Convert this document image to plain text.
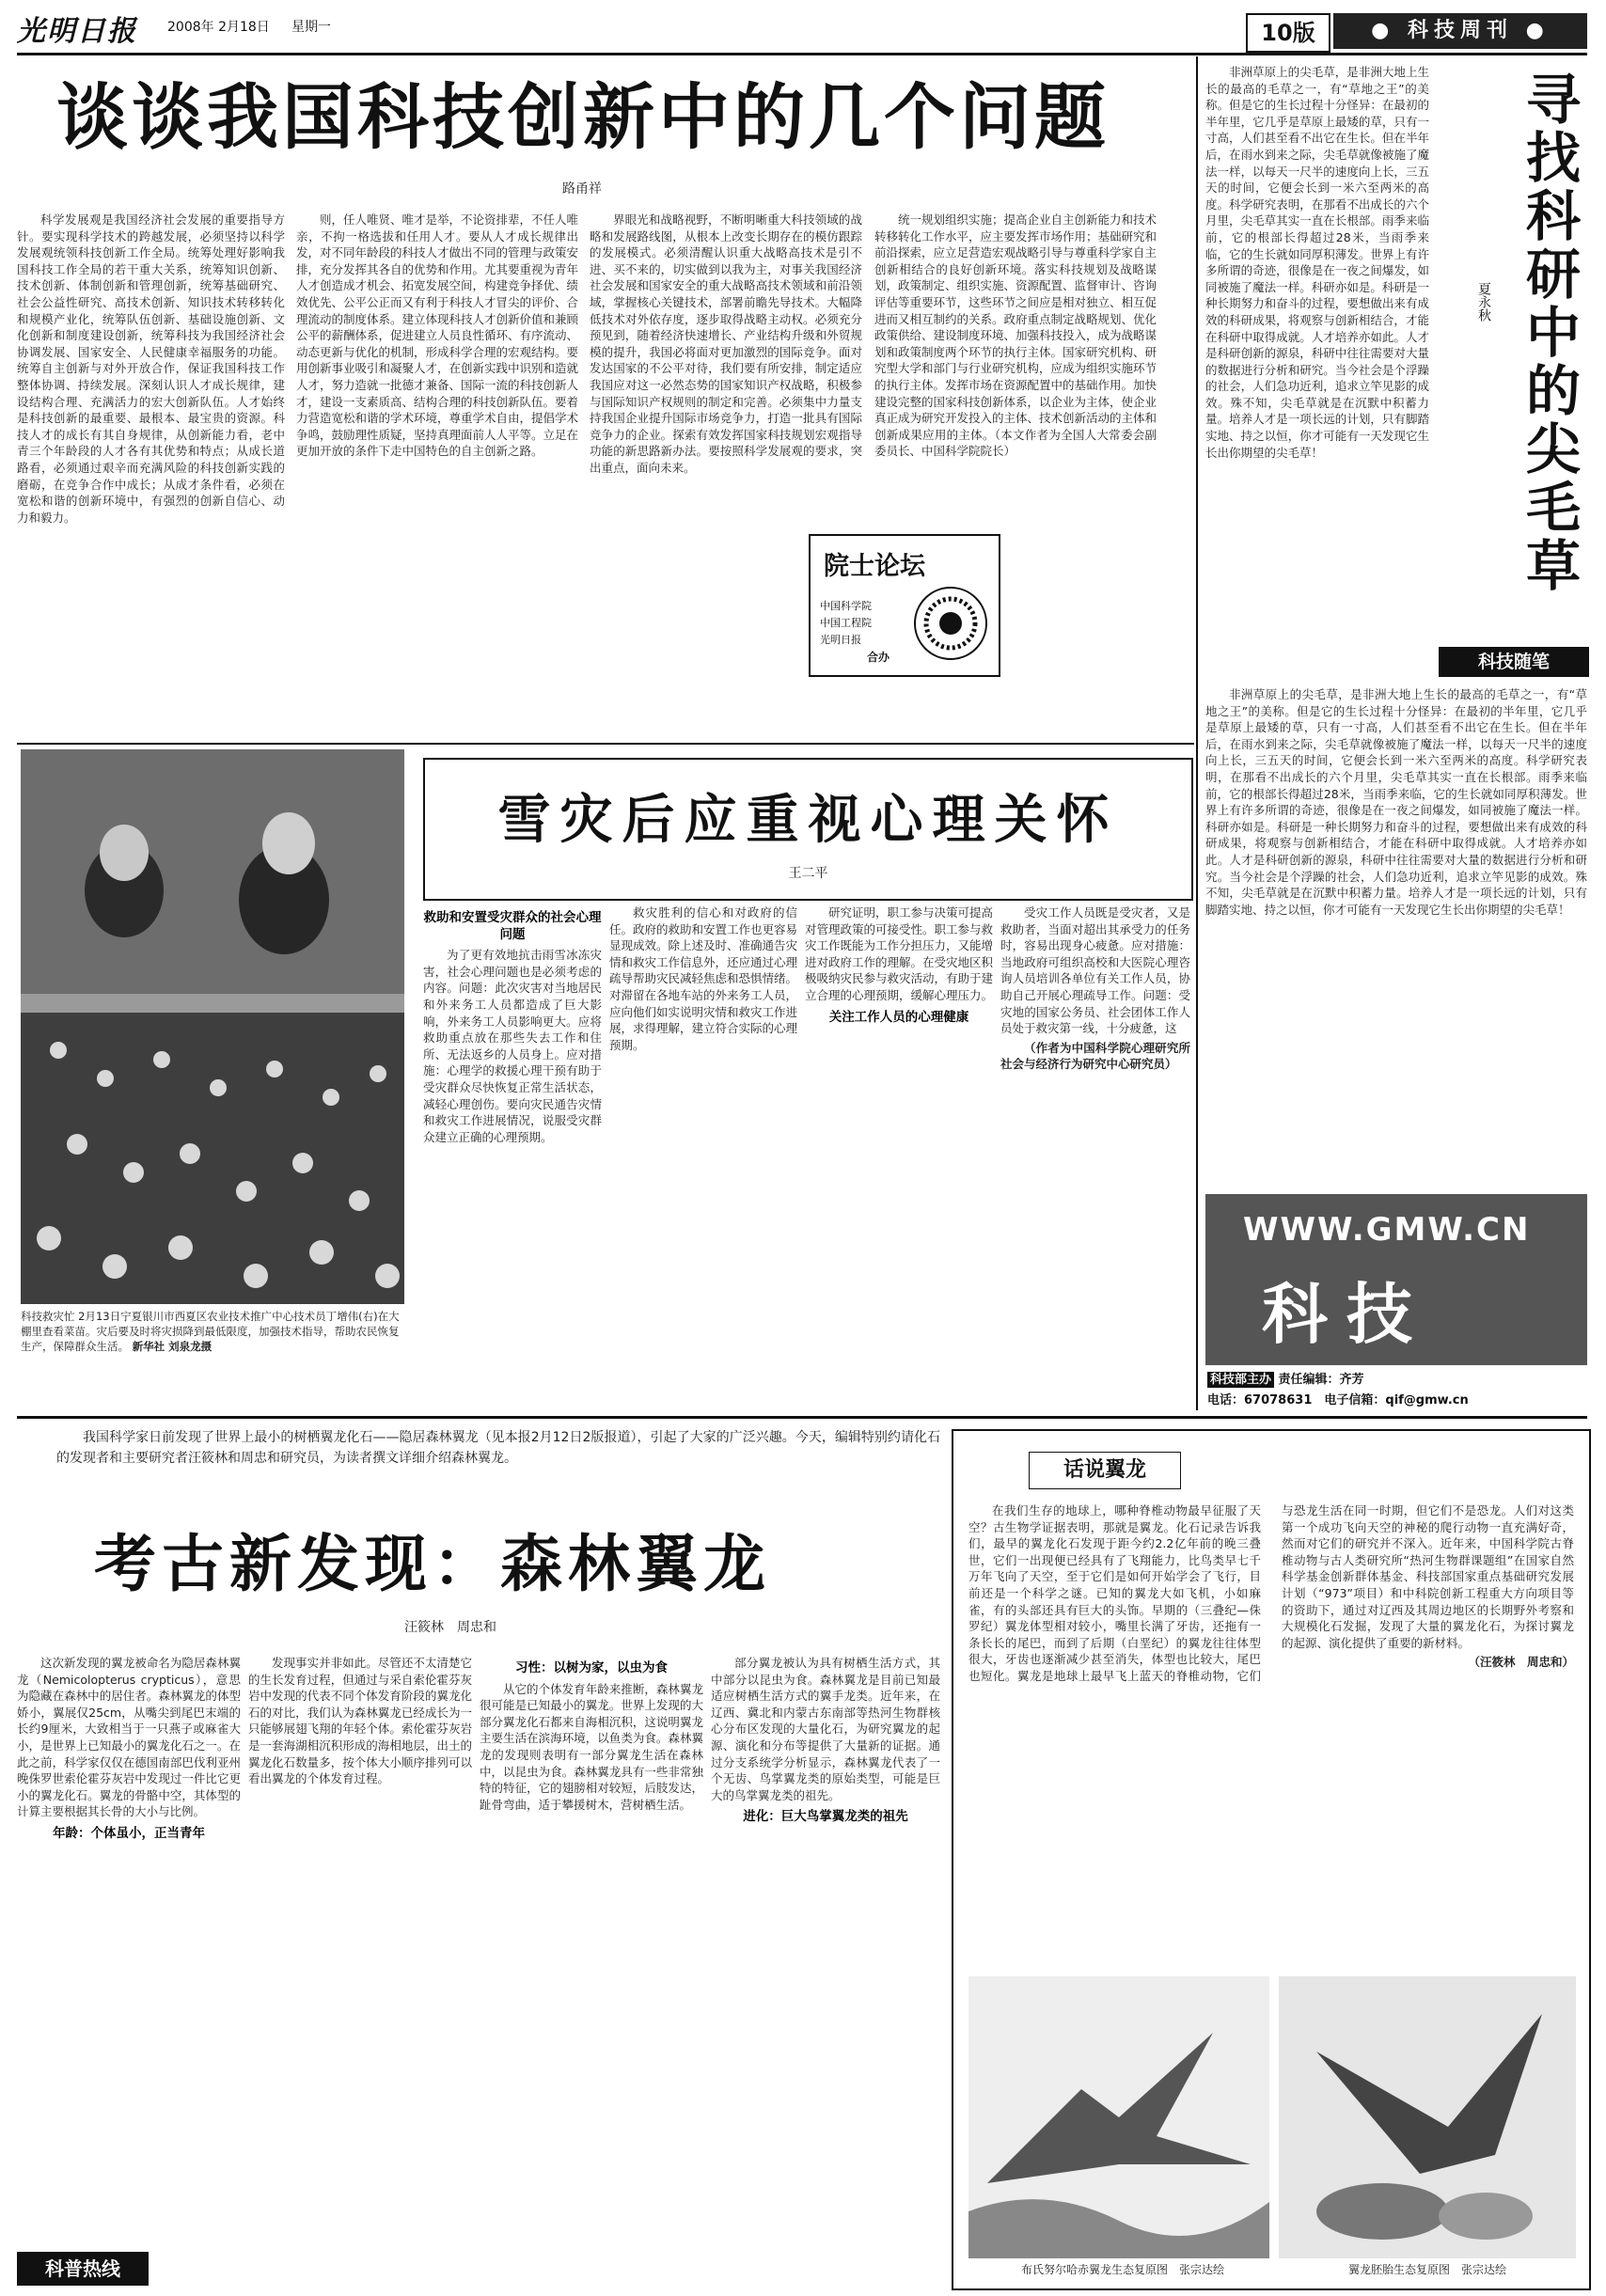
光明日报 2008年 2月18日 星期一	10版	● 科技周刊 ●
谈谈我国科技创新中的几个问题
路甬祥

科学发展观是我国经济社会发展的重要指导方针。要实现科学技术的跨越发展，必须坚持以科学发展观统领科技创新工作全局。统筹处理好影响我国科技工作全局的若干重大关系，统筹知识创新、技术创新、体制创新和管理创新，统筹基础研究、社会公益性研究、高技术创新、知识技术转移转化和规模产业化，统筹队伍创新、基础设施创新、文化创新和制度建设创新，统筹科技为我国经济社会协调发展、国家安全、人民健康幸福服务的功能。统筹自主创新与对外开放合作，保证我国科技工作整体协调、持续发展。深刻认识人才成长规律，建设结构合理、充满活力的宏大创新队伍。人才始终是科技创新的最重要、最根本、最宝贵的资源。科技人才的成长有其自身规律，从创新能力看，老中青三个年龄段的人才各有其优势和特点；从成长道路看，必须通过艰辛而充满风险的科技创新实践的磨砺，在竞争合作中成长；从成才条件看，必须在宽松和谐的创新环境中，有强烈的创新自信心、动力和毅力。

则，任人唯贤、唯才是举，不论资排辈，不任人唯亲，不拘一格选拔和任用人才。要从人才成长规律出发，对不同年龄段的科技人才做出不同的管理与政策安排，充分发挥其各自的优势和作用。尤其要重视为青年人才创造成才机会、拓宽发展空间，构建竞争择优、绩效优先、公平公正而又有利于科技人才冒尖的评价、合理流动的制度体系。建立体现科技人才创新价值和兼顾公平的薪酬体系，促进建立人员良性循环、有序流动、动态更新与优化的机制，形成科学合理的宏观结构。要用创新事业吸引和凝聚人才，在创新实践中识别和造就人才，努力造就一批德才兼备、国际一流的科技创新人才，建设一支素质高、结构合理的科技创新队伍。要着力营造宽松和谐的学术环境，尊重学术自由，提倡学术争鸣，鼓励理性质疑，坚持真理面前人人平等。立足在更加开放的条件下走中国特色的自主创新之路。

界眼光和战略视野，不断明晰重大科技领域的战略和发展路线图，从根本上改变长期存在的模仿跟踪的发展模式。必须清醒认识重大战略高技术是引不进、买不来的，切实做到以我为主，对事关我国经济社会发展和国家安全的重大战略高技术领域和前沿领域，掌握核心关键技术，部署前瞻先导技术。大幅降低技术对外依存度，逐步取得战略主动权。必须充分预见到，随着经济快速增长、产业结构升级和外贸规模的提升，我国必将面对更加激烈的国际竞争。面对发达国家的不公平对待，我们要有所安排，制定适应我国应对这一必然态势的国家知识产权战略，积极参与国际知识产权规则的制定和完善。必须集中力量支持我国企业提升国际市场竞争力，打造一批具有国际竞争力的企业。探索有效发挥国家科技规划宏观指导功能的新思路新办法。要按照科学发展观的要求，突出重点，面向未来。

统一规划组织实施；提高企业自主创新能力和技术转移转化工作水平，应主要发挥市场作用；基础研究和前沿探索，应立足营造宏观战略引导与尊重科学家自主创新相结合的良好创新环境。落实科技规划及战略谋划，政策制定、组织实施、资源配置、监督审计、咨询评估等重要环节，这些环节之间应是相对独立、相互促进而又相互制约的关系。政府重点制定战略规划、优化政策供给、建设制度环境、加强科技投入，成为战略谋划和政策制度两个环节的执行主体。国家研究机构、研究型大学和部门与行业研究机构，应成为组织实施环节的执行主体。发挥市场在资源配置中的基础作用。加快建设完整的国家科技创新体系，以企业为主体，使企业真正成为研究开发投入的主体、技术创新活动的主体和创新成果应用的主体。（本文作者为全国人大常委会副委员长、中国科学院院长）

院士论坛
中国科学院
中国工程院
光明日报
合办
寻找科研中的尖毛草
夏永秋
科技随笔

非洲草原上的尖毛草，是非洲大地上生长的最高的毛草之一，有“草地之王”的美称。但是它的生长过程十分怪异：在最初的半年里，它几乎是草原上最矮的草，只有一寸高，人们甚至看不出它在生长。但在半年后，在雨水到来之际，尖毛草就像被施了魔法一样，以每天一尺半的速度向上长，三五天的时间，它便会长到一米六至两米的高度。科学研究表明，在那看不出成长的六个月里，尖毛草其实一直在长根部。雨季来临前，它的根部长得超过28米，当雨季来临，它的生长就如同厚积薄发。世界上有许多所谓的奇迹，很像是在一夜之间爆发，如同被施了魔法一样。科研亦如是。科研是一种长期努力和奋斗的过程，要想做出来有成效的科研成果，将观察与创新相结合，才能在科研中取得成就。人才培养亦如此。人才是科研创新的源泉，科研中往往需要对大量的数据进行分析和研究。当今社会是个浮躁的社会，人们急功近利，追求立竿见影的成效。殊不知，尖毛草就是在沉默中积蓄力量。培养人才是一项长远的计划，只有脚踏实地、持之以恒，你才可能有一天发现它生长出你期望的尖毛草！

非洲草原上的尖毛草，是非洲大地上生长的最高的毛草之一，有“草地之王”的美称。但是它的生长过程十分怪异：在最初的半年里，它几乎是草原上最矮的草，只有一寸高，人们甚至看不出它在生长。但在半年后，在雨水到来之际，尖毛草就像被施了魔法一样，以每天一尺半的速度向上长，三五天的时间，它便会长到一米六至两米的高度。科学研究表明，在那看不出成长的六个月里，尖毛草其实一直在长根部。雨季来临前，它的根部长得超过28米，当雨季来临，它的生长就如同厚积薄发。世界上有许多所谓的奇迹，很像是在一夜之间爆发，如同被施了魔法一样。科研亦如是。科研是一种长期努力和奋斗的过程，要想做出来有成效的科研成果，将观察与创新相结合，才能在科研中取得成就。人才培养亦如此。人才是科研创新的源泉，科研中往往需要对大量的数据进行分析和研究。当今社会是个浮躁的社会，人们急功近利，追求立竿见影的成效。殊不知，尖毛草就是在沉默中积蓄力量。培养人才是一项长远的计划，只有脚踏实地、持之以恒，你才可能有一天发现它生长出你期望的尖毛草！

WWW.GMW.CN
科技
科技部主办 责任编辑：齐芳
电话：67078631　 电子信箱：qif@gmw.cn
科技救灾忙 2月13日宁夏银川市西夏区农业技术推广中心技术员丁增伟(右)在大棚里查看菜苗。灾后要及时将灾损降到最低限度，加强技术指导，帮助农民恢复生产，保障群众生活。 新华社 刘泉龙摄
雪灾后应重视心理关怀
王二平
救助和安置受灾群众的社会心理问题

为了更有效地抗击雨雪冰冻灾害，社会心理问题也是必须考虑的内容。问题：此次灾害对当地居民和外来务工人员都造成了巨大影响，外来务工人员影响更大。应将救助重点放在那些失去工作和住所、无法返乡的人员身上。应对措施：心理学的救援心理干预有助于受灾群众尽快恢复正常生活状态，减轻心理创伤。要向灾民通告灾情和救灾工作进展情况，说服受灾群众建立正确的心理预期。

救灾胜利的信心和对政府的信任。政府的救助和安置工作也更容易显现成效。除上述及时、准确通告灾情和救灾工作信息外，还应通过心理疏导帮助灾民减轻焦虑和恐惧情绪。对滞留在各地车站的外来务工人员，应向他们如实说明灾情和救灾工作进展，求得理解，建立符合实际的心理预期。

研究证明，职工参与决策可提高对管理政策的可接受性。职工参与救灾工作既能为工作分担压力，又能增进对政府工作的理解。在受灾地区积极吸纳灾民参与救灾活动，有助于建立合理的心理预期，缓解心理压力。

关注工作人员的心理健康

受灾工作人员既是受灾者，又是救助者，当面对超出其承受力的任务时，容易出现身心疲惫。应对措施：当地政府可组织高校和大医院心理咨询人员培训各单位有关工作人员，协助自己开展心理疏导工作。问题：受灾地的国家公务员、社会团体工作人员处于救灾第一线，十分疲惫，这

（作者为中国科学院心理研究所社会与经济行为研究中心研究员）

我国科学家日前发现了世界上最小的树栖翼龙化石——隐居森林翼龙（见本报2月12日2版报道），引起了大家的广泛兴趣。今天，编辑特别约请化石的发现者和主要研究者汪筱林和周忠和研究员，为读者撰文详细介绍森林翼龙。

考古新发现：森林翼龙
汪筱林　周忠和

这次新发现的翼龙被命名为隐居森林翼龙（Nemicolopterus crypticus），意思为隐藏在森林中的居住者。森林翼龙的体型娇小，翼展仅25cm，从嘴尖到尾巴末端的长约9厘米，大致相当于一只燕子或麻雀大小，是世界上已知最小的翼龙化石之一。在此之前，科学家仅仅在德国南部巴伐利亚州晚侏罗世索伦霍芬灰岩中发现过一件比它更小的翼龙化石。翼龙的骨骼中空，其体型的计算主要根据其长骨的大小与比例。

年龄：个体虽小，正当青年

发现事实并非如此。尽管还不太清楚它的生长发育过程，但通过与采自索伦霍芬灰岩中发现的代表不同个体发育阶段的翼龙化石的对比，我们认为森林翼龙已经成长为一只能够展翅飞翔的年轻个体。索伦霍芬灰岩是一套海湖相沉积形成的海相地层，出土的翼龙化石数量多，按个体大小顺序排列可以看出翼龙的个体发育过程。

习性：以树为家，以虫为食

从它的个体发育年龄来推断，森林翼龙很可能是已知最小的翼龙。世界上发现的大部分翼龙化石都来自海相沉积，这说明翼龙主要生活在滨海环境，以鱼类为食。森林翼龙的发现则表明有一部分翼龙生活在森林中，以昆虫为食。森林翼龙具有一些非常独特的特征，它的翅膀相对较短，后肢发达，趾骨弯曲，适于攀援树木，营树栖生活。

部分翼龙被认为具有树栖生活方式，其中部分以昆虫为食。森林翼龙是目前已知最适应树栖生活方式的翼手龙类。近年来，在辽西、冀北和内蒙古东南部等热河生物群核心分布区发现的大量化石，为研究翼龙的起源、演化和分布等提供了大量新的证据。通过分支系统学分析显示，森林翼龙代表了一个无齿、鸟掌翼龙类的原始类型，可能是巨大的鸟掌翼龙类的祖先。

进化：巨大鸟掌翼龙类的祖先
科普热线
话说翼龙

在我们生存的地球上，哪种脊椎动物最早征服了天空？古生物学证据表明，那就是翼龙。化石记录告诉我们，最早的翼龙化石发现于距今约2.2亿年前的晚三叠世，它们一出现便已经具有了飞翔能力，比鸟类早七千万年飞向了天空，至于它们是如何开始学会了飞行，目前还是一个科学之谜。已知的翼龙大如飞机，小如麻雀，有的头部还具有巨大的头饰。早期的（三叠纪—侏罗纪）翼龙体型相对较小，嘴里长满了牙齿，还拖有一条长长的尾巴，而到了后期（白垩纪）的翼龙往往体型很大，牙齿也逐渐减少甚至消失，体型也比较大，尾巴也短化。翼龙是地球上最早飞上蓝天的脊椎动物，它们与恐龙生活在同一时期，但它们不是恐龙。人们对这类第一个成功飞向天空的神秘的爬行动物一直充满好奇，然而对它们的研究并不深入。近年来，中国科学院古脊椎动物与古人类研究所“热河生物群课题组”在国家自然科学基金创新群体基金、科技部国家重点基础研究发展计划（“973”项目）和中科院创新工程重大方向项目等的资助下，通过对辽西及其周边地区的长期野外考察和大规模化石发掘，发现了大量的翼龙化石，为探讨翼龙的起源、演化提供了重要的新材料。

（汪筱林　周忠和）

布氏努尔哈赤翼龙生态复原图　张宗达绘	翼龙胚胎生态复原图　张宗达绘
